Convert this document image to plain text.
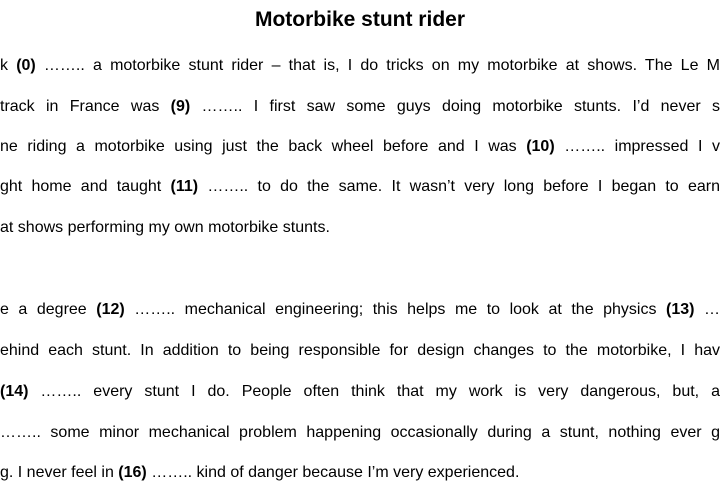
Motorbike stunt rider
k (0) …….. a motorbike stunt rider – that is, I do tricks on my motorbike at shows. The Le M
track in France was (9) …….. I first saw some guys doing motorbike stunts. I’d never s
ne riding a motorbike using just the back wheel before and I was (10) …….. impressed I v
ght home and taught (11) …….. to do the same. It wasn’t very long before I began to earn
at shows performing my own motorbike stunts.
e a degree (12) …….. mechanical engineering; this helps me to look at the physics (13) …
ehind each stunt. In addition to being responsible for design changes to the motorbike, I hav
(14) …….. every stunt I do. People often think that my work is very dangerous, but, a
…….. some minor mechanical problem happening occasionally during a stunt, nothing ever g
g. I never feel in (16) …….. kind of danger because I’m very experienced.
